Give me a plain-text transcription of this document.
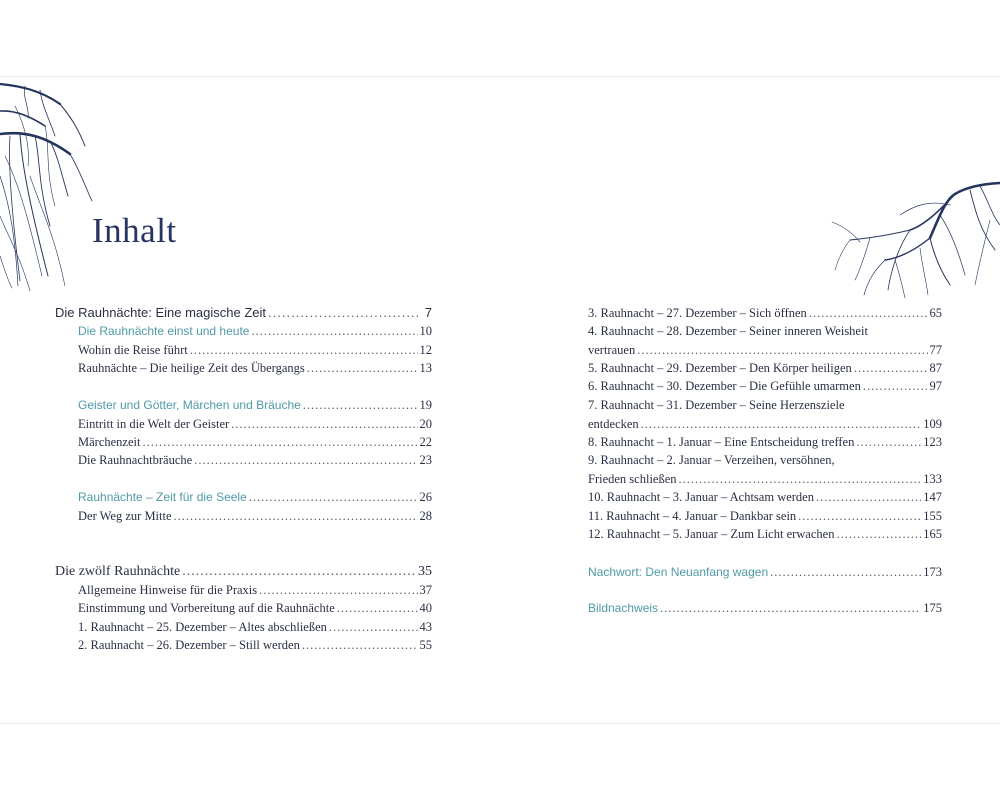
Inhalt
Die Rauhnächte: Eine magische Zeit .....	7
Die Rauhnächte einst und heute .....	10
Wohin die Reise führt .....	12
Rauhnächte – Die heilige Zeit des Übergangs .....	13
Geister und Götter, Märchen und Bräuche .....	19
Eintritt in die Welt der Geister .....	20
Märchenzeit .....	22
Die Rauhnachtbräuche .....	23
Rauhnächte – Zeit für die Seele .....	26
Der Weg zur Mitte .....	28
Die zwölf Rauhnächte .....	35
Allgemeine Hinweise für die Praxis .....	37
Einstimmung und Vorbereitung auf die Rauhnächte .....	40
1. Rauhnacht – 25. Dezember – Altes abschließen .....	43
2. Rauhnacht – 26. Dezember – Still werden .....	55
3. Rauhnacht – 27. Dezember – Sich öffnen .....	65
4. Rauhnacht – 28. Dezember – Seiner inneren Weisheit
vertrauen .....	77
5. Rauhnacht – 29. Dezember – Den Körper heiligen .....	87
6. Rauhnacht – 30. Dezember – Die Gefühle umarmen .....	97
7. Rauhnacht – 31. Dezember – Seine Herzensziele
entdecken .....	109
8. Rauhnacht – 1. Januar – Eine Entscheidung treffen .....	123
9. Rauhnacht – 2. Januar – Verzeihen, versöhnen,
Frieden schließen .....	133
10. Rauhnacht – 3. Januar – Achtsam werden .....	147
11. Rauhnacht – 4. Januar – Dankbar sein .....	155
12. Rauhnacht – 5. Januar – Zum Licht erwachen .....	165
Nachwort: Den Neuanfang wagen .....	173
Bildnachweis .....	175
